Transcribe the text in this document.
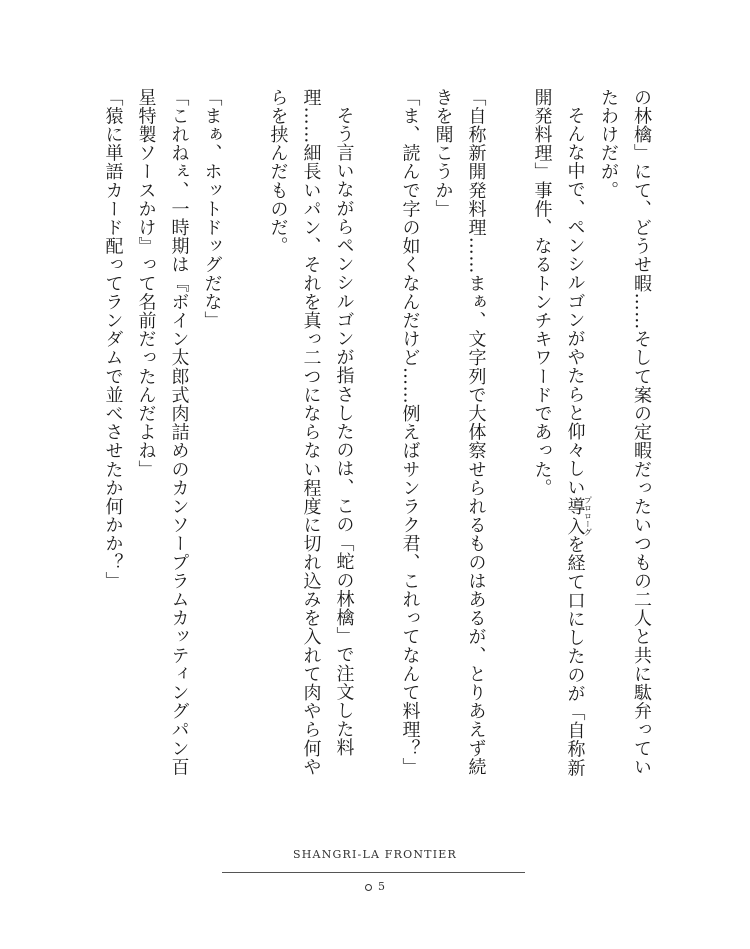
の林檎」にて、どうせ暇……そして案の定暇だったいつもの二人と共に駄弁っていたわけだが。

そんな中で、ペンシルゴンがやたらと仰々しい導入プロローグを経て口にしたのが「自称新開発料理」事件、なるトンチキワードであった。

「自称新開発料理……まぁ、文字列で大体察せられるものはあるが、とりあえず続きを聞こうか」

「ま、読んで字の如くなんだけど……例えばサンラク君、これってなんて料理？」

そう言いながらペンシルゴンが指さしたのは、この「蛇の林檎」で注文した料理……細長いパン、それを真っ二つにならない程度に切れ込みを入れて肉やら何やらを挟んだものだ。

「まぁ、ホットドッグだな」

「これねぇ、一時期は『ボイン太郎式肉詰めのカンソープラムカッティングパン百星特製ソースかけ』って名前だったんだよね」

「猿に単語カード配ってランダムで並べさせたか何かか？」

SHANGRI-LA FRONTIER
5
